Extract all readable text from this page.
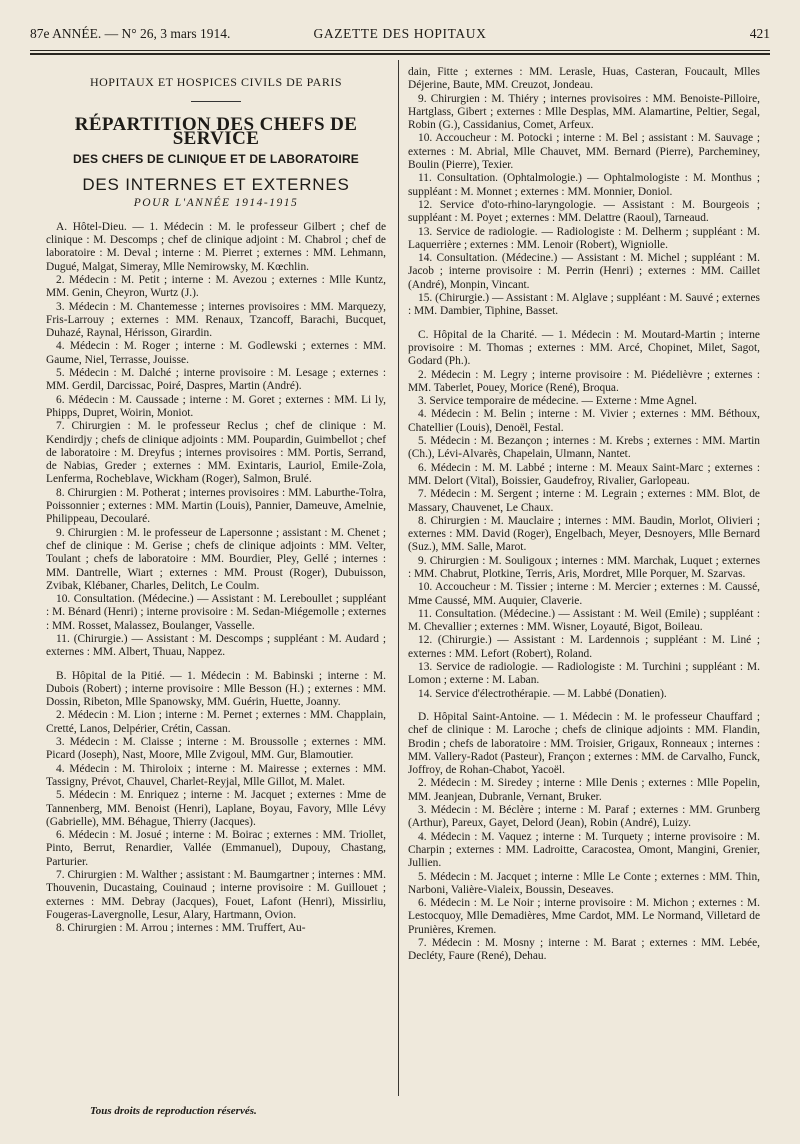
87e ANNÉE. — N° 26, 3 mars 1914.	GAZETTE DES HOPITAUX	421
HOPITAUX ET HOSPICES CIVILS DE PARIS
RÉPARTITION DES CHEFS DE SERVICE
DES CHEFS DE CLINIQUE ET DE LABORATOIRE
DES INTERNES ET EXTERNES
POUR L'ANNÉE 1914-1915

A. Hôtel-Dieu. — 1. Médecin : M. le professeur Gilbert ; chef de clinique : M. Descomps ; chef de clinique adjoint : M. Chabrol ; chef de laboratoire : M. Deval ; interne : M. Pierret ; externes : MM. Lehmann, Dugué, Malgat, Simeray, Mlle Nemirowsky, M. Kœchlin.

2. Médecin : M. Petit ; interne : M. Avezou ; externes : Mlle Kuntz, MM. Genin, Cheyron, Wurtz (J.).

3. Médecin : M. Chantemesse ; internes provisoires : MM. Marquezy, Fris-Larrouy ; externes : MM. Renaux, Tzancoff, Barachi, Bucquet, Duhazé, Raynal, Hérisson, Girardin.

4. Médecin : M. Roger ; interne : M. Godlewski ; externes : MM. Gaume, Niel, Terrasse, Jouisse.

5. Médecin : M. Dalché ; interne provisoire : M. Lesage ; externes : MM. Gerdil, Darcissac, Poiré, Daspres, Martin (André).

6. Médecin : M. Caussade ; interne : M. Goret ; externes : MM. Li ly, Phipps, Dupret, Woirin, Moniot.

7. Chirurgien : M. le professeur Reclus ; chef de clinique : M. Kendirdjy ; chefs de clinique adjoints : MM. Poupardin, Guimbellot ; chef de laboratoire : M. Dreyfus ; internes provisoires : MM. Portis, Serrand, de Nabias, Greder ; externes : MM. Exintaris, Lauriol, Emile-Zola, Lenferma, Rocheblave, Wickham (Roger), Salmon, Brulé.

8. Chirurgien : M. Potherat ; internes provisoires : MM. Laburthe-Tolra, Poissonnier ; externes : MM. Martin (Louis), Pannier, Dameuve, Amelnie, Philippeau, Decoularé.

9. Chirurgien : M. le professeur de Lapersonne ; assistant : M. Chenet ; chef de clinique : M. Gerise ; chefs de clinique adjoints : MM. Velter, Toulant ; chefs de laboratoire : MM. Bourdier, Pley, Gellé ; internes : MM. Dantrelle, Wiart ; externes : MM. Proust (Roger), Dubuisson, Zvibak, Klébaner, Charles, Delitch, Le Coulm.

10. Consultation. (Médecine.) — Assistant : M. Lereboullet ; suppléant : M. Bénard (Henri) ; interne provisoire : M. Sedan-Miégemolle ; externes : MM. Rosset, Malassez, Boulanger, Vasselle.

11. (Chirurgie.) — Assistant : M. Descomps ; suppléant : M. Audard ; externes : MM. Albert, Thuau, Nappez.

B. Hôpital de la Pitié. — 1. Médecin : M. Babinski ; interne : M. Dubois (Robert) ; interne provisoire : Mlle Besson (H.) ; externes : MM. Dossin, Ribeton, Mlle Spanowsky, MM. Guérin, Huette, Joanny.

2. Médecin : M. Lion ; interne : M. Pernet ; externes : MM. Chapplain, Cretté, Lanos, Delpérier, Crétin, Cassan.

3. Médecin : M. Claisse ; interne : M. Broussolle ; externes : MM. Picard (Joseph), Nast, Moore, Mlle Zvigoul, MM. Gur, Blamoutier.

4. Médecin : M. Thiroloix ; interne : M. Mairesse ; externes : MM. Tassigny, Prévot, Chauvel, Charlet-Reyjal, Mlle Gillot, M. Malet.

5. Médecin : M. Enriquez ; interne : M. Jacquet ; externes : Mme de Tannenberg, MM. Benoist (Henri), Laplane, Boyau, Favory, Mlle Lévy (Gabrielle), MM. Béhague, Thierry (Jacques).

6. Médecin : M. Josué ; interne : M. Boirac ; externes : MM. Triollet, Pinto, Berrut, Renardier, Vallée (Emmanuel), Dupouy, Chastang, Parturier.

7. Chirurgien : M. Walther ; assistant : M. Baumgartner ; internes : MM. Thouvenin, Ducastaing, Couinaud ; interne provisoire : M. Guillouet ; externes : MM. Debray (Jacques), Fouet, Lafont (Henri), Missirliu, Fougeras-Lavergnolle, Lesur, Alary, Hartmann, Ovion.

8. Chirurgien : M. Arrou ; internes : MM. Truffert, Au-

dain, Fitte ; externes : MM. Lerasle, Huas, Casteran, Foucault, Mlles Déjerine, Baute, MM. Creuzot, Jondeau.

9. Chirurgien : M. Thiéry ; internes provisoires : MM. Benoiste-Pilloire, Hartglass, Gibert ; externes : Mlle Desplas, MM. Alamartine, Peltier, Segal, Robin (G.), Cassidanius, Comet, Arfeux.

10. Accoucheur : M. Potocki ; interne : M. Bel ; assistant : M. Sauvage ; externes : M. Abrial, Mlle Chauvet, MM. Bernard (Pierre), Parcheminey, Boulin (Pierre), Texier.

11. Consultation. (Ophtalmologie.) — Ophtalmologiste : M. Monthus ; suppléant : M. Monnet ; externes : MM. Monnier, Doniol.

12. Service d'oto-rhino-laryngologie. — Assistant : M. Bourgeois ; suppléant : M. Poyet ; externes : MM. Delattre (Raoul), Tarneaud.

13. Service de radiologie. — Radiologiste : M. Delherm ; suppléant : M. Laquerrière ; externes : MM. Lenoir (Robert), Wigniolle.

14. Consultation. (Médecine.) — Assistant : M. Michel ; suppléant : M. Jacob ; interne provisoire : M. Perrin (Henri) ; externes : MM. Caillet (André), Monpin, Vincant.

15. (Chirurgie.) — Assistant : M. Alglave ; suppléant : M. Sauvé ; externes : MM. Dambier, Tiphine, Basset.

C. Hôpital de la Charité. — 1. Médecin : M. Moutard-Martin ; interne provisoire : M. Thomas ; externes : MM. Arcé, Chopinet, Milet, Sagot, Godard (Ph.).

2. Médecin : M. Legry ; interne provisoire : M. Piédelièvre ; externes : MM. Taberlet, Pouey, Morice (René), Broqua.

3. Service temporaire de médecine. — Externe : Mme Agnel.

4. Médecin : M. Belin ; interne : M. Vivier ; externes : MM. Béthoux, Chatellier (Louis), Denoël, Festal.

5. Médecin : M. Bezançon ; internes : M. Krebs ; externes : MM. Martin (Ch.), Lévi-Alvarès, Chapelain, Ulmann, Nantet.

6. Médecin : M. M. Labbé ; interne : M. Meaux Saint-Marc ; externes : MM. Delort (Vital), Boissier, Gaudefroy, Rivalier, Garlopeau.

7. Médecin : M. Sergent ; interne : M. Legrain ; externes : MM. Blot, de Massary, Chauvenet, Le Chaux.

8. Chirurgien : M. Mauclaire ; internes : MM. Baudin, Morlot, Olivieri ; externes : MM. David (Roger), Engelbach, Meyer, Desnoyers, Mlle Bernard (Suz.), MM. Salle, Marot.

9. Chirurgien : M. Souligoux ; internes : MM. Marchak, Luquet ; externes : MM. Chabrut, Plotkine, Terris, Aris, Mordret, Mlle Porquer, M. Szarvas.

10. Accoucheur : M. Tissier ; interne : M. Mercier ; externes : M. Caussé, Mme Caussé, MM. Auquier, Claverie.

11. Consultation. (Médecine.) — Assistant : M. Weil (Emile) ; suppléant : M. Chevallier ; externes : MM. Wisner, Loyauté, Bigot, Boileau.

12. (Chirurgie.) — Assistant : M. Lardennois ; suppléant : M. Liné ; externes : MM. Lefort (Robert), Roland.

13. Service de radiologie. — Radiologiste : M. Turchini ; suppléant : M. Lomon ; externe : M. Laban.

14. Service d'électrothérapie. — M. Labbé (Donatien).

D. Hôpital Saint-Antoine. — 1. Médecin : M. le professeur Chauffard ; chef de clinique : M. Laroche ; chefs de clinique adjoints : MM. Flandin, Brodin ; chefs de laboratoire : MM. Troisier, Grigaux, Ronneaux ; internes : MM. Vallery-Radot (Pasteur), Françon ; externes : MM. de Carvalho, Funck, Joffroy, de Rohan-Chabot, Yacoël.

2. Médecin : M. Siredey ; interne : Mlle Denis ; externes : Mlle Popelin, MM. Jeanjean, Dubranle, Vernant, Bruker.

3. Médecin : M. Béclère ; interne : M. Paraf ; externes : MM. Grunberg (Arthur), Pareux, Gayet, Delord (Jean), Robin (André), Luizy.

4. Médecin : M. Vaquez ; interne : M. Turquety ; interne provisoire : M. Charpin ; externes : MM. Ladroitte, Caracostea, Omont, Mangini, Grenier, Jullien.

5. Médecin : M. Jacquet ; interne : Mlle Le Conte ; externes : MM. Thin, Narboni, Valière-Vialeix, Boussin, Deseaves.

6. Médecin : M. Le Noir ; interne provisoire : M. Michon ; externes : M. Lestocquoy, Mlle Demadières, Mme Cardot, MM. Le Normand, Villetard de Prunières, Kremen.

7. Médecin : M. Mosny ; interne : M. Barat ; externes : MM. Lebée, Decléty, Faure (René), Dehau.

Tous droits de reproduction réservés.
